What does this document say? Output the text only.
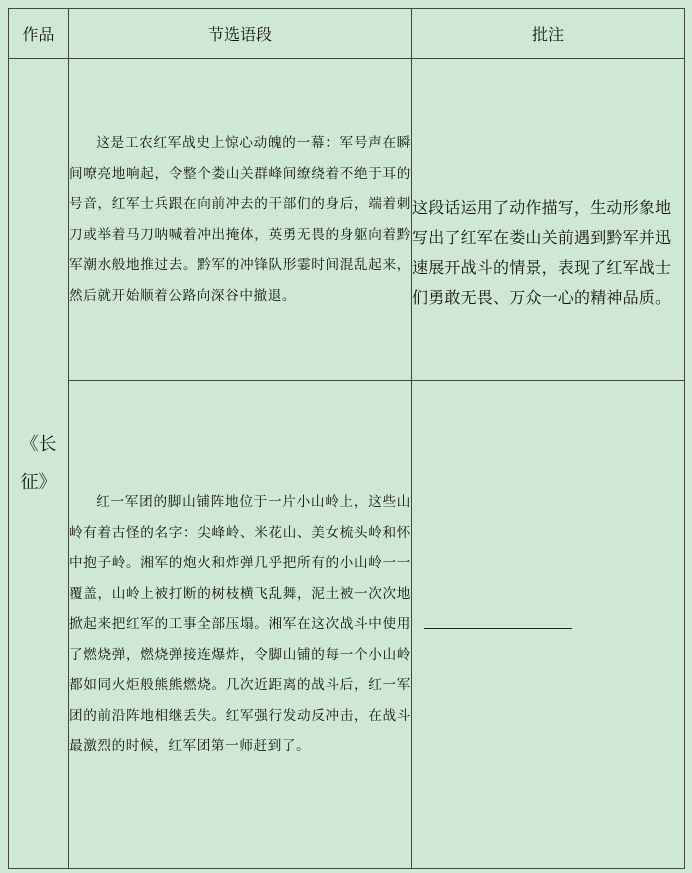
作品	节选语段	批注
《长征》	这是工农红军战史上惊心动魄的一幕：军号声在瞬间嘹亮地响起，令整个娄山关群峰间缭绕着不绝于耳的号音，红军士兵跟在向前冲去的干部们的身后，端着刺刀或举着马刀呐喊着冲出掩体，英勇无畏的身躯向着黔军潮水般地推过去。黔军的冲锋队形霎时间混乱起来，然后就开始顺着公路向深谷中撤退。	这段话运用了动作描写，生动形象地写出了红军在娄山关前遇到黔军并迅速展开战斗的情景，表现了红军战士们勇敢无畏、万众一心的精神品质。

	红一军团的脚山铺阵地位于一片小山岭上，这些山岭有着古怪的名字：尖峰岭、米花山、美女梳头岭和怀中抱子岭。湘军的炮火和炸弹几乎把所有的小山岭一一覆盖，山岭上被打断的树枝横飞乱舞，泥土被一次次地掀起来把红军的工事全部压塌。湘军在这次战斗中使用了燃烧弹，燃烧弹接连爆炸，令脚山铺的每一个小山岭都如同火炬般熊熊燃烧。几次近距离的战斗后，红一军团的前沿阵地相继丢失。红军强行发动反冲击，在战斗最激烈的时候，红军团第一师赶到了。	
